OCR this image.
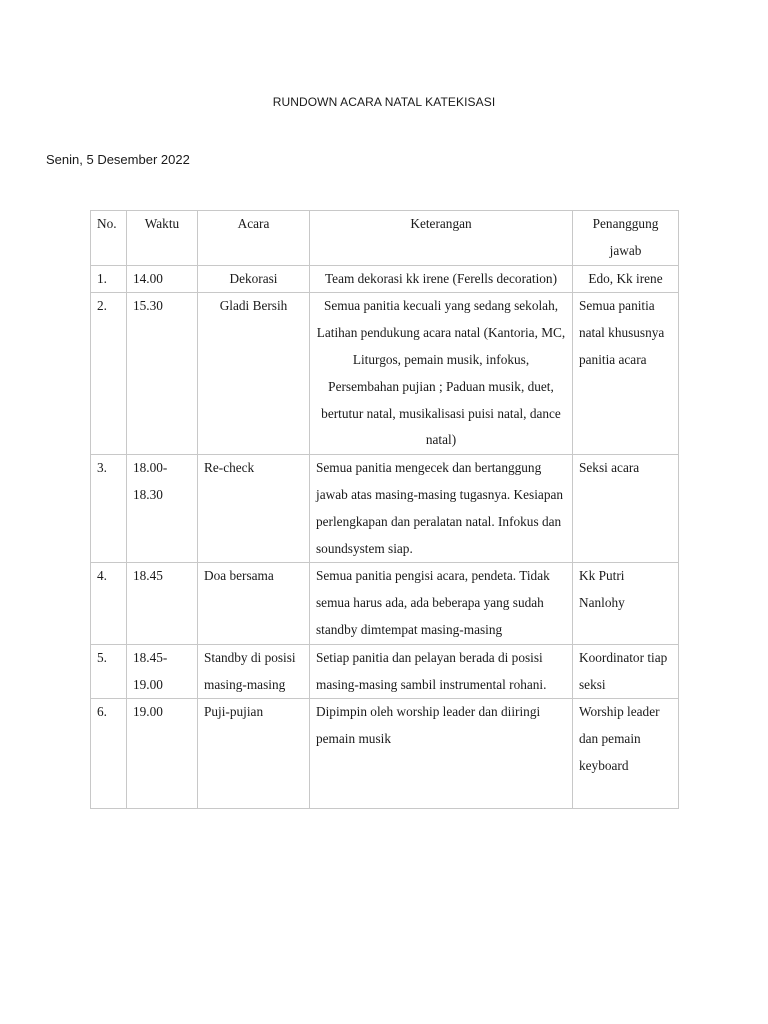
RUNDOWN ACARA NATAL KATEKISASI
Senin, 5 Desember 2022
No.	Waktu	Acara	Keterangan	Penanggung jawab
1.	14.00	Dekorasi	Team dekorasi kk irene (Ferells decoration)	Edo, Kk irene
2.	15.30	Gladi Bersih	Semua panitia kecuali yang sedang sekolah, Latihan pendukung acara natal (Kantoria, MC, Liturgos, pemain musik, infokus, Persembahan pujian ; Paduan musik, duet, bertutur natal, musikalisasi puisi natal, dance natal)	Semua panitia natal khususnya panitia acara
3.	18.00-18.30	Re-check	Semua panitia mengecek dan bertanggung jawab atas masing-masing tugasnya. Kesiapan perlengkapan dan peralatan natal. Infokus dan soundsystem siap.	Seksi acara
4.	18.45	Doa bersama	Semua panitia pengisi acara, pendeta. Tidak semua harus ada, ada beberapa yang sudah standby dimtempat masing-masing	Kk Putri Nanlohy
5.	18.45-19.00	Standby di posisi masing-masing	Setiap panitia dan pelayan berada di posisi masing-masing sambil instrumental rohani.	Koordinator tiap seksi
6.	19.00	Puji-pujian	Dipimpin oleh worship leader dan diiringi pemain musik	Worship leader dan pemain keyboard
